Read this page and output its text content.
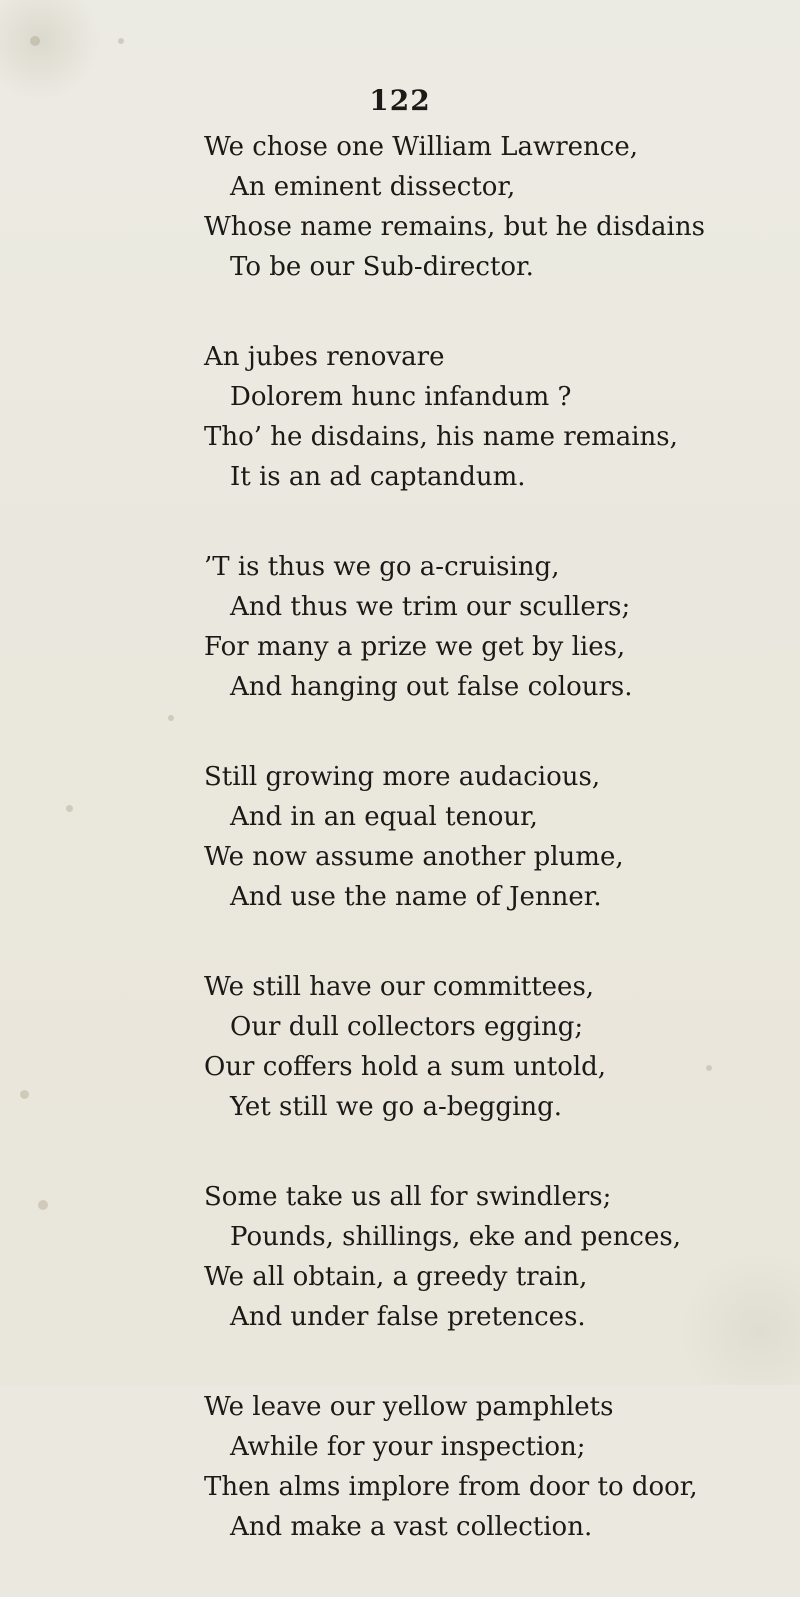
122
We chose one William Lawrence,
An eminent dissector,
Whose name remains, but he disdains
To be our Sub-director.
An jubes renovare
Dolorem hunc infandum ?
Tho’ he disdains, his name remains,
It is an ad captandum.
’T is thus we go a-cruising,
And thus we trim our scullers;
For many a prize we get by lies,
And hanging out false colours.
Still growing more audacious,
And in an equal tenour,
We now assume another plume,
And use the name of Jenner.
We still have our committees,
Our dull collectors egging;
Our coffers hold a sum untold,
Yet still we go a-begging.
Some take us all for swindlers;
Pounds, shillings, eke and pences,
We all obtain, a greedy train,
And under false pretences.
We leave our yellow pamphlets
Awhile for your inspection;
Then alms implore from door to door,
And make a vast collection.
